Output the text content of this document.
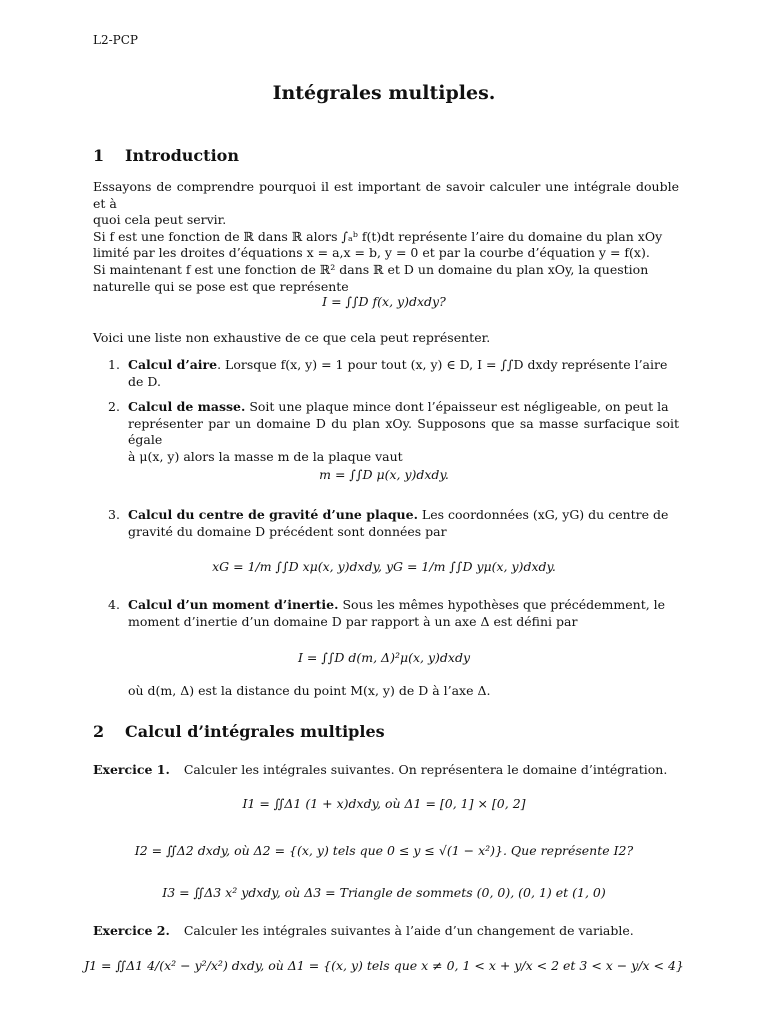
L2-PCP
Intégrales multiples.
1 Introduction
Essayons de comprendre pourquoi il est important de savoir calculer une intégrale double et à
quoi cela peut servir.
Si f est une fonction de ℝ dans ℝ alors ∫ₐᵇ f(t)dt représente l’aire du domaine du plan xOy
limité par les droites d’équations x = a,x = b, y = 0 et par la courbe d’équation y = f(x).
Si maintenant f est une fonction de ℝ² dans ℝ et D un domaine du plan xOy, la question
naturelle qui se pose est que représente
I = ∫∫D f(x, y)dxdy?
Voici une liste non exhaustive de ce que cela peut représenter.
1. Calcul d’aire. Lorsque f(x, y) = 1 pour tout (x, y) ∈ D, I = ∫∫D dxdy représente l’aire
de D.
2. Calcul de masse. Soit une plaque mince dont l’épaisseur est négligeable, on peut la
représenter par un domaine D du plan xOy. Supposons que sa masse surfacique soit égale
à μ(x, y) alors la masse m de la plaque vaut
m = ∫∫D μ(x, y)dxdy.
3. Calcul du centre de gravité d’une plaque. Les coordonnées (xG, yG) du centre de
gravité du domaine D précédent sont données par
xG = 1/m ∫∫D xμ(x, y)dxdy, yG = 1/m ∫∫D yμ(x, y)dxdy.
4. Calcul d’un moment d’inertie. Sous les mêmes hypothèses que précédemment, le
moment d’inertie d’un domaine D par rapport à un axe Δ est défini par
I = ∫∫D d(m, Δ)²μ(x, y)dxdy
où d(m, Δ) est la distance du point M(x, y) de D à l’axe Δ.
2 Calcul d’intégrales multiples
Exercice 1. Calculer les intégrales suivantes. On représentera le domaine d’intégration.
I1 = ∬Δ1 (1 + x)dxdy, où Δ1 = [0, 1] × [0, 2]
I2 = ∬Δ2 dxdy, où Δ2 = {(x, y) tels que 0 ≤ y ≤ √(1 − x²)}. Que représente I2?
I3 = ∬Δ3 x² ydxdy, où Δ3 = Triangle de sommets (0, 0), (0, 1) et (1, 0)
Exercice 2. Calculer les intégrales suivantes à l’aide d’un changement de variable.
J1 = ∬Δ1 4/(x² − y²/x²) dxdy, où Δ1 = {(x, y) tels que x ≠ 0, 1 < x + y/x < 2 et 3 < x − y/x < 4}
